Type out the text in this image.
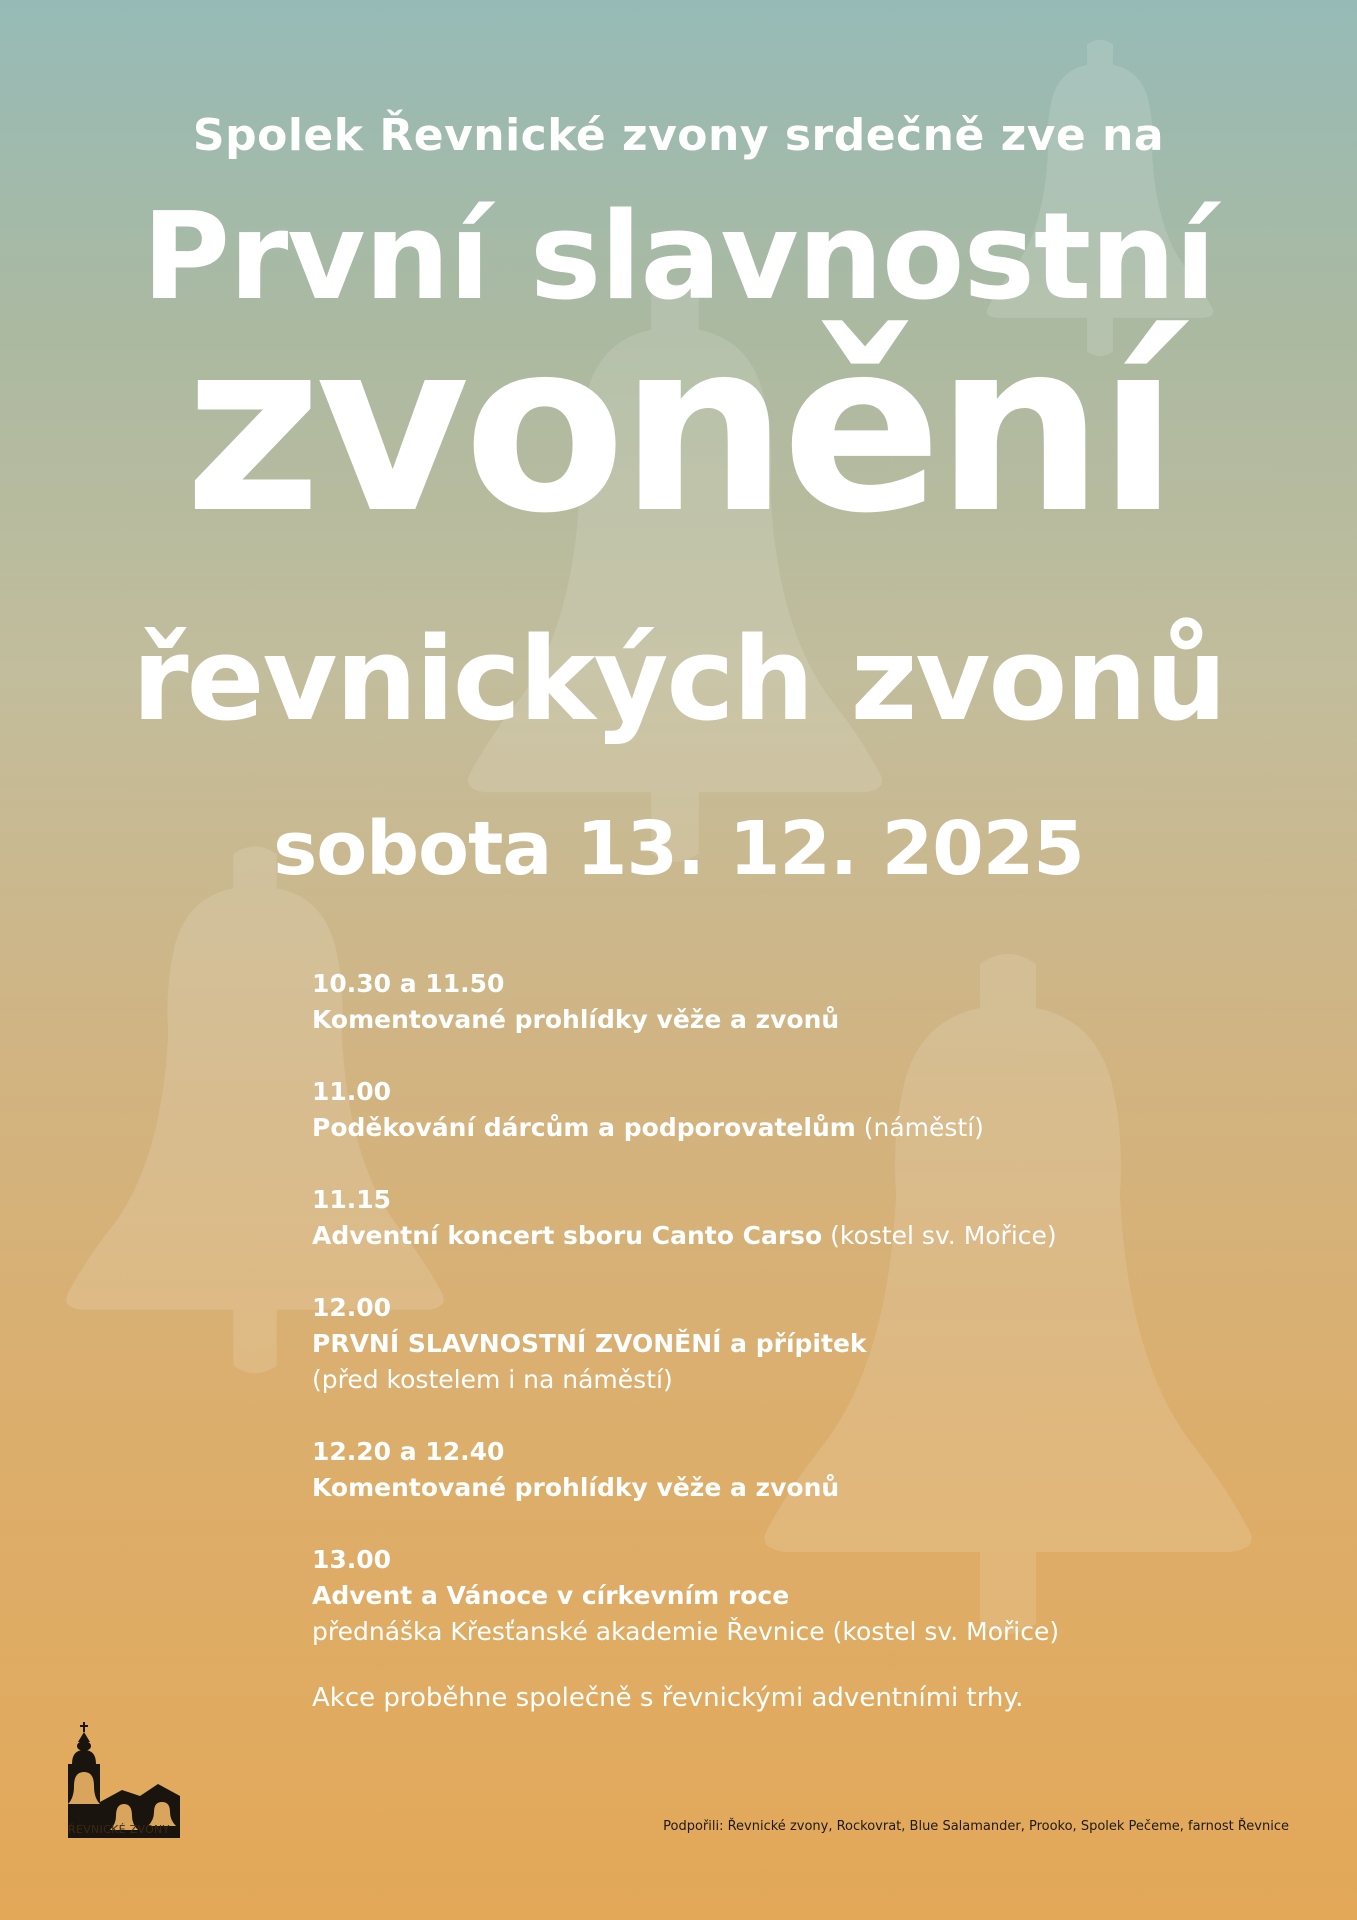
Spolek Řevnické zvony srdečně zve na
První slavnostní
zvonění
řevnických zvonů
sobota 13. 12. 2025
10.30 a 11.50
Komentované prohlídky věže a zvonů
11.00
Poděkování dárcům a podporovatelům (náměstí)
11.15
Adventní koncert sboru Canto Carso (kostel sv. Mořice)
12.00
PRVNÍ SLAVNOSTNÍ ZVONĚNÍ a přípitek
(před kostelem i na náměstí)
12.20 a 12.40
Komentované prohlídky věže a zvonů
13.00
Advent a Vánoce v církevním roce
přednáška Křesťanské akademie Řevnice (kostel sv. Mořice)
Akce proběhne společně s řevnickými adventními trhy.
ŘEVNICKÉ ZVONY	Podpořili: Řevnické zvony, Rockovrat, Blue Salamander, Prooko, Spolek Pečeme, farnost Řevnice
